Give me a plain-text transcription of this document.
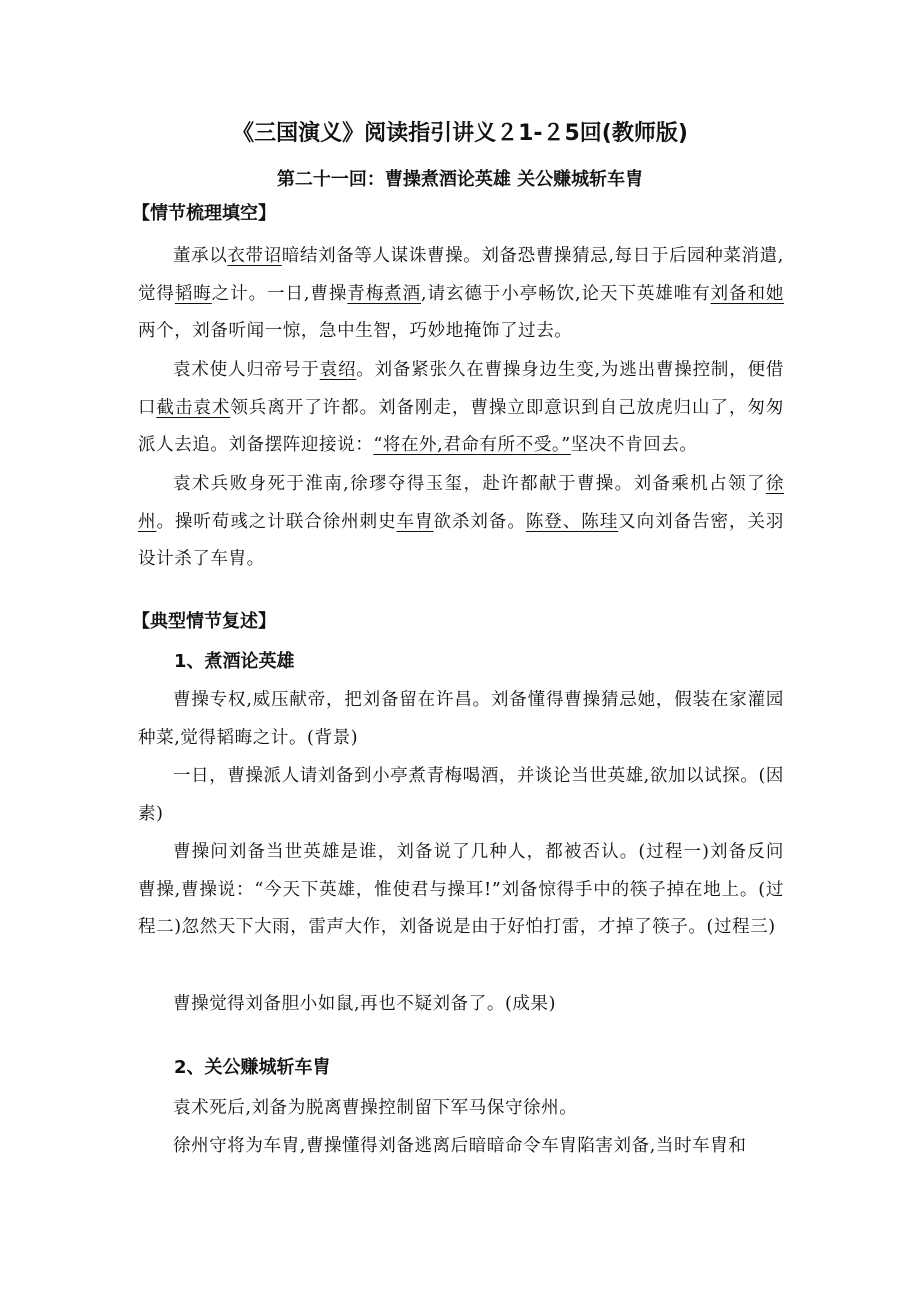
《三国演义》阅读指引讲义２1-２5回(教师版)
第二十一回：曹操煮酒论英雄 关公赚城斩车胄
【情节梳理填空】
董承以衣带诏暗结刘备等人谋诛曹操。刘备恐曹操猜忌,每日于后园种菜消遣,觉得韬晦之计。一日,曹操青梅煮酒,请玄德于小亭畅饮,论天下英雄唯有刘备和她两个，刘备听闻一惊，急中生智，巧妙地掩饰了过去。
袁术使人归帝号于袁绍。刘备紧张久在曹操身边生变,为逃出曹操控制，便借口截击袁术领兵离开了许都。刘备刚走，曹操立即意识到自己放虎归山了，匆匆派人去追。刘备摆阵迎接说：“将在外,君命有所不受。”坚决不肯回去。
袁术兵败身死于淮南,徐璆夺得玉玺，赴许都献于曹操。刘备乘机占领了徐州。操听荀彧之计联合徐州刺史车胄欲杀刘备。陈登、陈珪又向刘备告密，关羽设计杀了车胄。
【典型情节复述】
1、煮酒论英雄
曹操专权,威压献帝，把刘备留在许昌。刘备懂得曹操猜忌她，假装在家灌园种菜,觉得韬晦之计。(背景)
一日，曹操派人请刘备到小亭煮青梅喝酒，并谈论当世英雄,欲加以试探。(因素)
曹操问刘备当世英雄是谁，刘备说了几种人，都被否认。(过程一)刘备反问曹操,曹操说：“今天下英雄，惟使君与操耳!”刘备惊得手中的筷子掉在地上。(过程二)忽然天下大雨，雷声大作，刘备说是由于好怕打雷，才掉了筷子。(过程三)
曹操觉得刘备胆小如鼠,再也不疑刘备了。(成果)
2、关公赚城斩车胄
袁术死后,刘备为脱离曹操控制留下军马保守徐州。
徐州守将为车胄,曹操懂得刘备逃离后暗暗命令车胄陷害刘备,当时车胄和
